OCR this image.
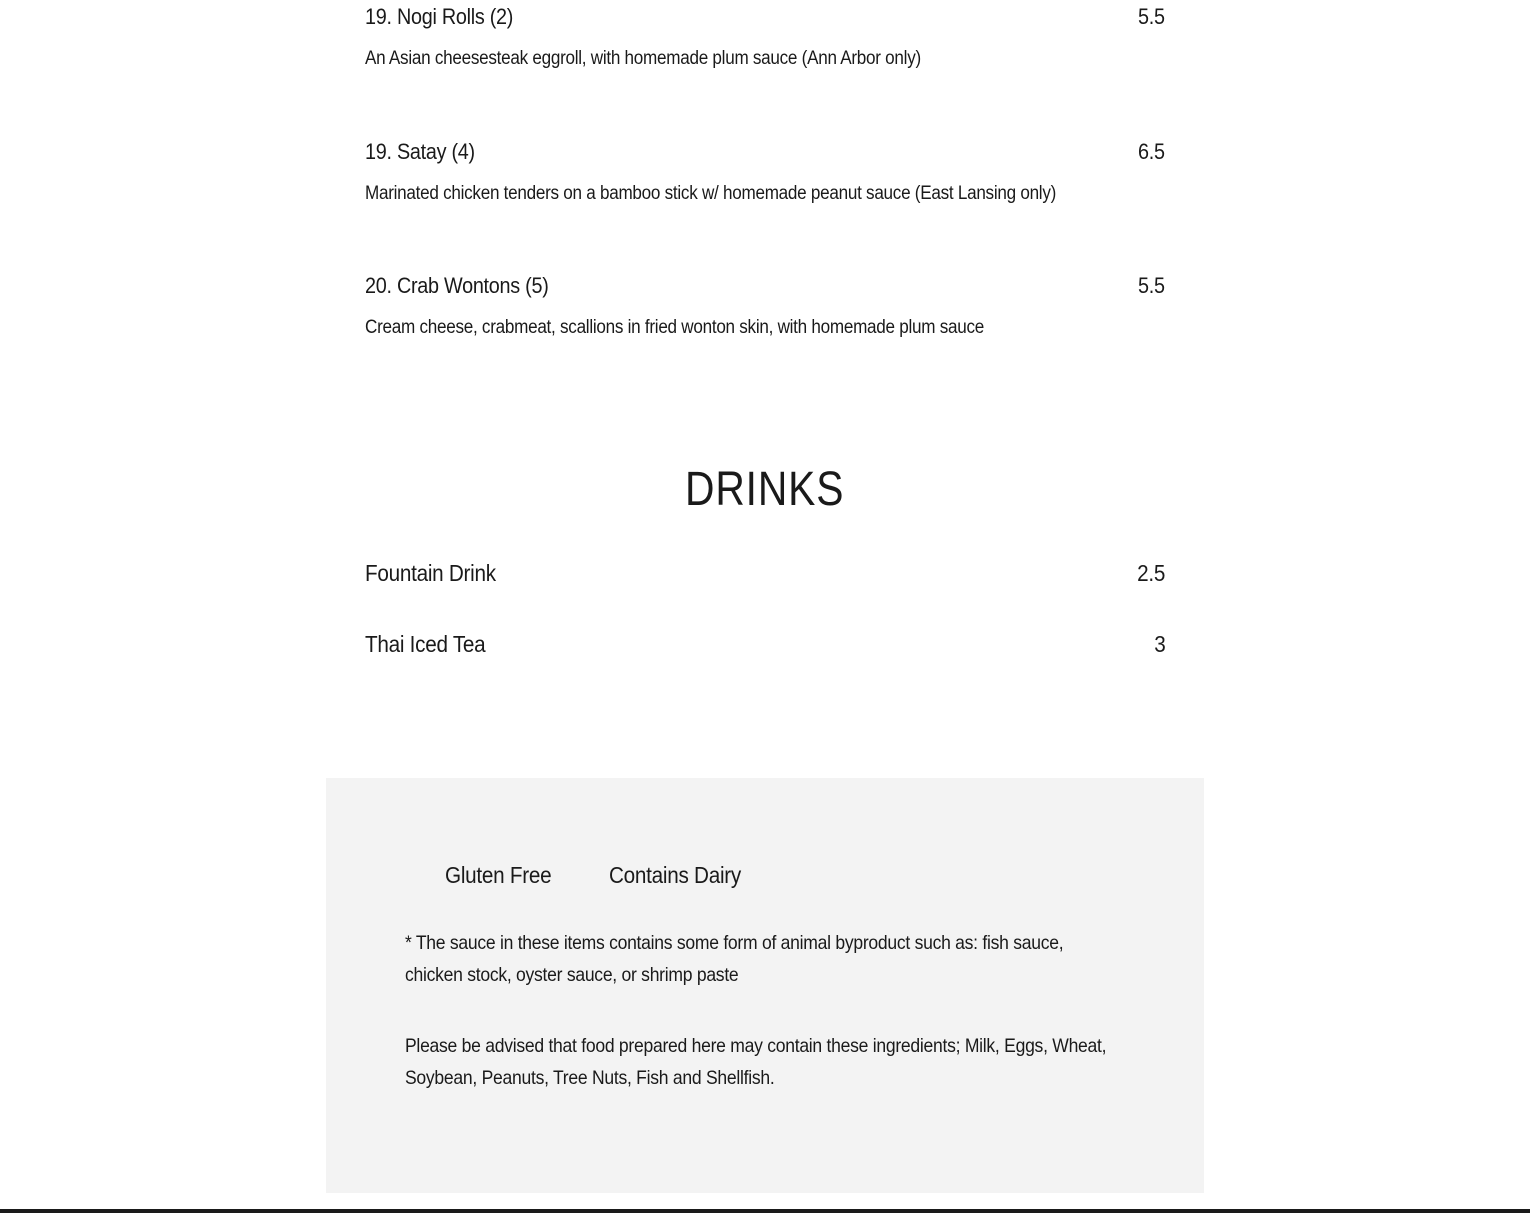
19. Nogi Rolls (2)	5.5
An Asian cheesesteak eggroll, with homemade plum sauce (Ann Arbor only)
19. Satay (4)	6.5
Marinated chicken tenders on a bamboo stick w/ homemade peanut sauce (East Lansing only)
20. Crab Wontons (5)	5.5
Cream cheese, crabmeat, scallions in fried wonton skin, with homemade plum sauce
DRINKS
Fountain Drink	2.5
Thai Iced Tea	3
Gluten Free	Contains Dairy
* The sauce in these items contains some form of animal byproduct such as: fish sauce, chicken stock, oyster sauce, or shrimp paste
Please be advised that food prepared here may contain these ingredients; Milk, Eggs, Wheat, Soybean, Peanuts, Tree Nuts, Fish and Shellfish.
